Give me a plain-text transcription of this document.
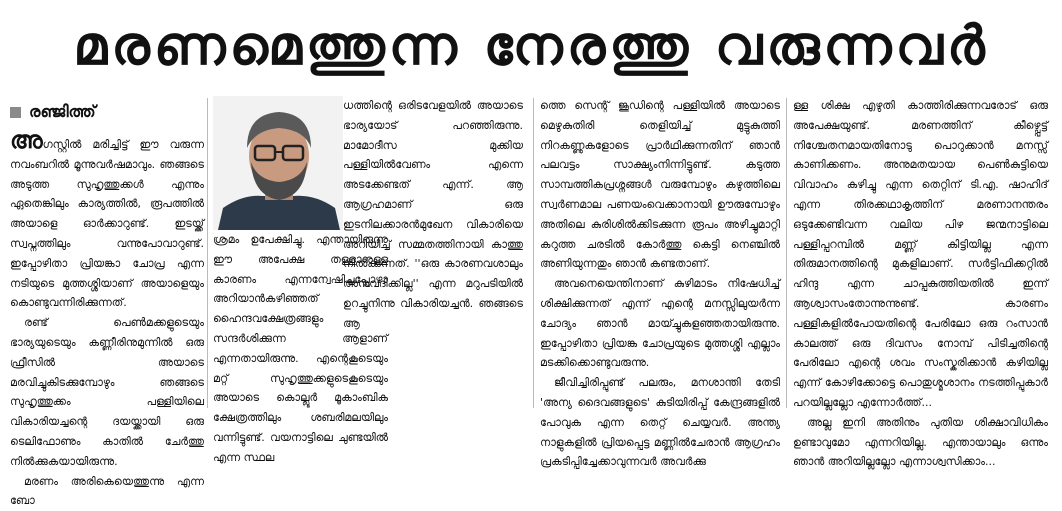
മരണമെത്തുന്ന നേരത്തു വരുന്നവർ
രഞ്ജിത്ത്

അഗസ്റ്റിൽ മരിച്ചിട്ട് ഈ വരുന്ന നവംബറിൽ മൂന്നുവർഷമാവും. ഞങ്ങടെ അടുത്ത സുഹൃത്തുക്കൾ എന്നും ഏതെങ്കിലും കാര്യത്തിൽ, രൂപത്തിൽ അയാളെ ഓർക്കാറുണ്ട്. ഇടയ്ക്ക് സ്വപ്നത്തിലും വന്നുപോവാറുണ്ട്. ഇപ്പോഴിതാ പ്രിയങ്കാ ചോപ്ര എന്ന നടിയുടെ മുത്തശ്ശിയാണ് അയാളെയും കൊണ്ടുവന്നിരിക്കുന്നത്.

രണ്ട് പെൺമക്കളുടെയും ഭാര്യയുടെയും കണ്ണീരിനുമുന്നിൽ ഒരു ഫ്രീസിൽ അയാടെ മരവിച്ചുകിടക്കുമ്പോഴും ഞങ്ങടെ സുഹൃത്തുക്കം പള്ളിയിലെ വികാരിയച്ചന്റെ ദയയ്ക്കായി ഒരു ടെലിഫോണും കാതിൽ ചേർത്തു നിൽക്കുകയായിരുന്നു.

മരണം അരികെയെത്തുന്നു എന്ന ബോ

ധത്തിന്റെ ഒരിടവേളയിൽ അയാടെ ഭാര്യയോട് പറഞ്ഞിരുന്നു. മാമോദീസ മുക്കിയ പള്ളിയിൽവേണം എന്നെ അടക്കേണ്ടത് എന്ന്. ആ ആഗ്രഹമാണ് ഒരു ഇടനിലക്കാരൻമുഖേന വികാരിയെ അറിയിച്ച് സമ്മതത്തിനായി കാത്തു നിൽക്കുന്നത്. ''ഒരു കാരണവശാലും അനുവദിക്കില്ല'' എന്ന മറുപടിയിൽ ഉറച്ചുനിന്നു വികാരിയച്ചൻ. ഞങ്ങടെ ആ

ശ്രമം ഉപേക്ഷിച്ചു. എന്തായിരുന്നു ഈ അപേക്ഷ തള്ളാനുള്ള കാരണം എന്നന്വേഷിച്ചപ്പോഴാ അറിയാൻകഴിഞ്ഞത് ഹൈന്ദവക്ഷേത്രങ്ങളും സന്ദർശിക്കുന്ന ആളാണ് എന്നതായിരുന്നു. എന്റെകൂടെയും മറ്റ് സുഹൃത്തുക്കളുടെകൂടെയും അയാടെ കൊല്ലൂർ മൂകാംബിക ക്ഷേത്രത്തിലും ശബരിമലയിലും വന്നിട്ടുണ്ട്. വയനാട്ടിലെ ചുണ്ടയിൽ എന്ന സ്ഥല

ത്തെ സെന്റ് ജൂഡിന്റെ പള്ളിയിൽ അയാടെ മെഴുകുതിരി തെളിയിച്ച് മുട്ടുകുത്തി നിറകണ്ണുകളോടെ പ്രാർഥിക്കുന്നതിന് ഞാൻ പലവട്ടം സാക്ഷ്യംനിന്നിട്ടുണ്ട്. കടുത്ത സാമ്പത്തികപ്രശ്നങ്ങൾ വരുമ്പോഴും കഴുത്തിലെ സ്വർണമാല പണയംവെക്കാനായി ഊരുമ്പോഴും അതിലെ കുരിശിൽക്കിടക്കുന്ന രൂപം അഴിച്ചുമാറ്റി കറുത്ത ചരടിൽ കോർത്തു കെട്ടി നെഞ്ചിൽ അണിയുന്നതും ഞാൻ കണ്ടതാണ്.

അവനെയെന്തിനാണ് കുഴിമാടം നിഷേധിച്ച് ശിക്ഷിക്കുന്നത് എന്ന് എന്റെ മനസ്സിലുയർന്ന ചോദ്യം ഞാൻ മായ്ച്ചുകളഞ്ഞതായിരുന്നു. ഇപ്പോഴിതാ പ്രിയങ്ക ചോപ്രയുടെ മുത്തശ്ശി എല്ലാം മടക്കിക്കൊണ്ടുവരുന്നു.

ജീവിച്ചിരിപ്പുണ്ട് പലരും, മനശാന്തി തേടി 'അന്യ ദൈവങ്ങളുടെ' കുടിയിരിപ്പ് കേന്ദ്രങ്ങളിൽ പോവുക എന്ന തെറ്റ് ചെയ്യവർ. അന്ത്യ നാളുകളിൽ പ്രിയപ്പെട്ട മണ്ണിൽചേരാൻ ആഗ്രഹം പ്രകടിപ്പിച്ചേക്കാവുന്നവർ അവർക്കു

ള്ള ശിക്ഷ എഴുതി കാത്തിരിക്കുന്നവരോട് ഒരു അപേക്ഷയുണ്ട്. മരണത്തിന് കീഴ്പ്പെട്ട് നിശ്ചേതനമായതിനോടു പൊറുക്കാൻ മനസ്സ് കാണിക്കണം. അനുമതയായ പെൺകുട്ടിയെ വിവാഹം കഴിച്ചു എന്ന തെറ്റിന് ടി.എ. ഷാഹിദ് എന്ന തിരക്കഥാകൃത്തിന് മരണാനന്തരം ഒടുക്കേണ്ടിവന്ന വലിയ പിഴ ജന്മനാട്ടിലെ പള്ളിപ്പറമ്പിൽ മണ്ണ് കിട്ടിയില്ല എന്ന തിരുമാനത്തിന്റെ മുകളിലാണ്. സർട്ടിഫിക്കറ്റിൽ ഹിന്ദു എന്ന ചാപ്പകുത്തിയതിൽ ഇന്ന് ആശ്വാസംതോന്നുന്നുണ്ട്. കാരണം പള്ളികളിൽപോയതിന്റെ പേരിലോ ഒരു റംസാൻ കാലത്ത് ഒരു ദിവസം നോമ്പ് പിടിച്ചതിന്റെ പേരിലോ എന്റെ ശവം സംസ്കരിക്കാൻ കഴിയില്ല എന്ന് കോഴിക്കോട്ടെ പൊതുശ്മശാനം നടത്തിപ്പുകാർ പറയില്ലല്ലോ എന്നോർത്ത്...

അല്ല ഇനി അതിനും പുതിയ ശിക്ഷാവിധികം ഉണ്ടാവുമോ എന്നറിയില്ല. എന്തായാലും ഒന്നും ഞാൻ അറിയില്ലല്ലോ എന്നാശ്വസിക്കാം...
